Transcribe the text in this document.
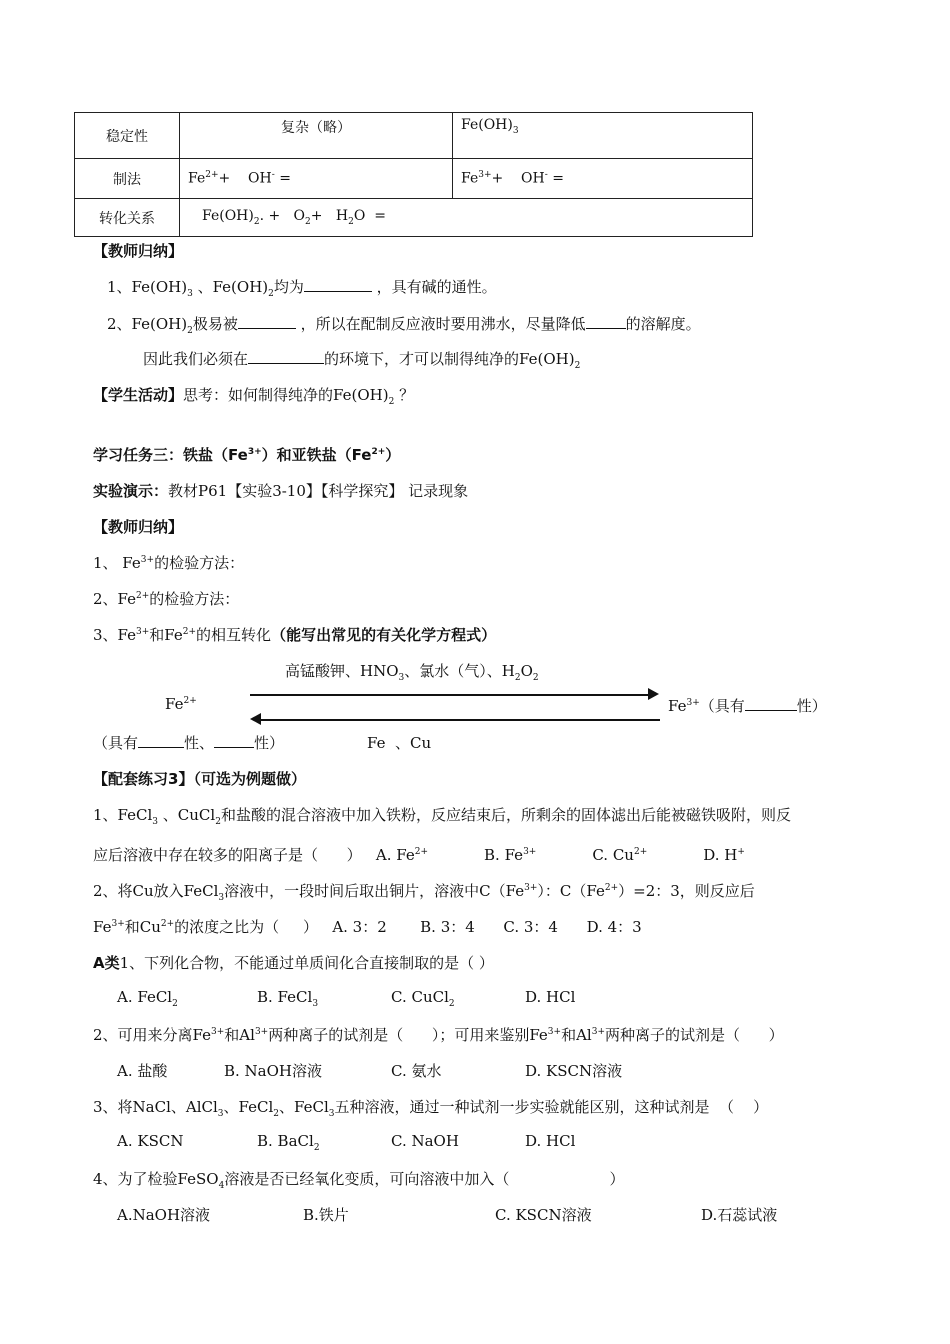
稳定性	复杂（略）	$Fe(OH)_3$
制法	$Fe^{2+}+$    OH- =	$Fe^{3+}+$    OH- =
转化关系	$Fe(OH)_2$. +   $O_2+ H_2O$  =	
【教师归纳】
1、$Fe(OH)_3$ 、$Fe(OH)_2$均为	，具有碱的通性。
2、$Fe(OH)_2$极易被	，所以在配制反应液时要用沸水，尽量降低	的溶解度。
因此我们必须在	的环境下，才可以制得纯净的$Fe(OH)_2$
【学生活动】思考：如何制得纯净的$Fe(OH)_2$ ？
学习任务三：铁盐$(Fe^{3+})$和亚铁盐$(Fe^{2+})$
实验演示：教材P61【实验3-10】【科学探究】 记录现象
【教师归纳】
1、 $Fe^{3+}$的检验方法：
2、$Fe^{2+}$的检验方法：
3、$Fe^{3+}$和$Fe^{2+}$的相互转化（能写出常见的有关化学方程式）
高锰酸钾、$HNO_3$、氯水（气）、$H_2O_2$
$Fe^{2+}$	$Fe^{3+}$（具有	性）
（具有	性、	性）	Fe  、Cu
【配套练习3】（可选为例题做）
1、FeCl$_3$ 、CuCl$_2$和盐酸的混合溶液中加入铁粉，反应结束后，所剩余的固体滤出后能被磁铁吸附，则反
应后溶液中存在较多的阳离子是（      ）   A. $Fe^{2+}$	B. $Fe^{3+}$	C. $Cu^{2+}$	D. H+
2、将Cu放入FeCl$_3$溶液中，一段时间后取出铜片，溶液中$C(Fe^{3+})$：$C(Fe^{2+})=2$：3，则反应后
$Fe^{3+}$和$Cu^{2+}$的浓度之比为（     ）   A. 3：2       B. 3：4      C. 3：4      D. 4：3
A类1、下列化合物，不能通过单质间化合直接制取的是（ ）
A. FeCl$_2$	B. FeCl$_3$	C. CuCl$_2$	D. HCl
2、可用来分离$Fe^{3+}$和$Al^{3+}$两种离子的试剂是（      ）；可用来鉴别$Fe^{3+}$和$Al^{3+}$两种离子的试剂是（      ）
A. 盐酸	B. NaOH溶液	C. 氨水	D. KSCN溶液
3、将NaCl、AlCl$_3$、FeCl$_2$、FeCl$_3$五种溶液，通过一种试剂一步实验就能区别，这种试剂是  （    ）
A. KSCN	B. BaCl$_2$	C. NaOH	D. HCl
4、为了检验FeSO$_4$溶液是否已经氧化变质，可向溶液中加入（                     ）
A.NaOH溶液	B.铁片	C. KSCN溶液	D.石蕊试液
